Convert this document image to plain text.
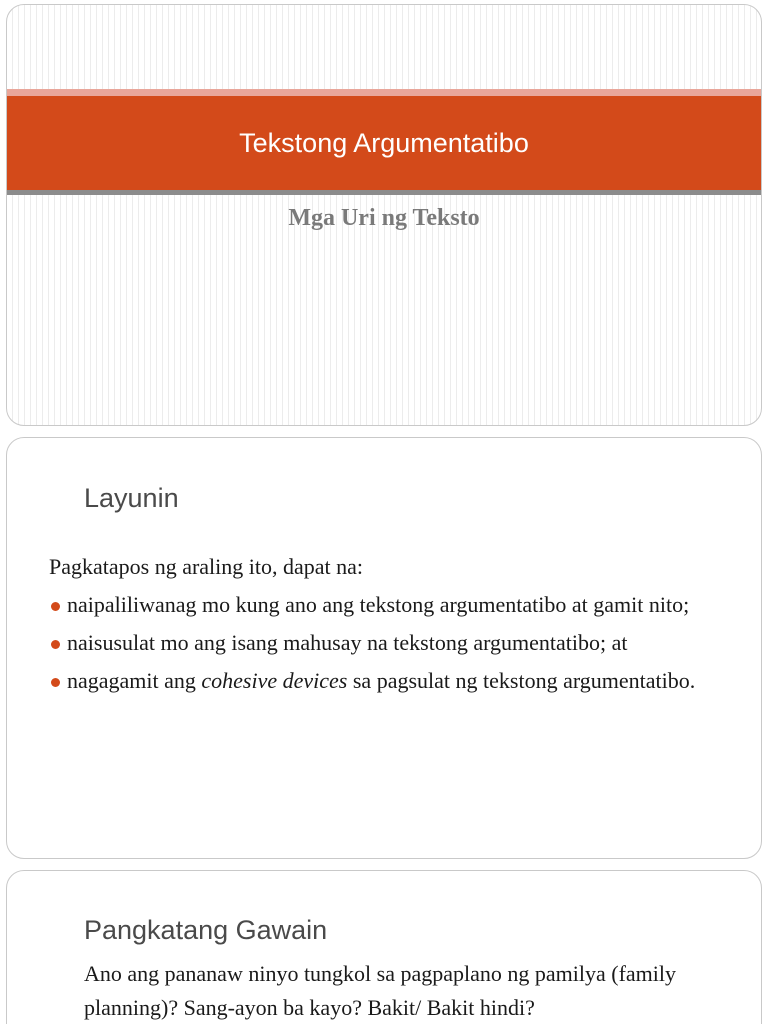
Tekstong Argumentatibo
Mga Uri ng Teksto
Layunin
Pagkatapos ng araling ito, dapat na:
naipaliliwanag mo kung ano ang tekstong argumentatibo at gamit nito;
naisusulat mo ang isang mahusay na tekstong argumentatibo; at
nagagamit ang cohesive devices sa pagsulat ng tekstong argumentatibo.
Pangkatang Gawain
Ano ang pananaw ninyo tungkol sa pagpaplano ng pamilya (family planning)? Sang-ayon ba kayo? Bakit/ Bakit hindi?
